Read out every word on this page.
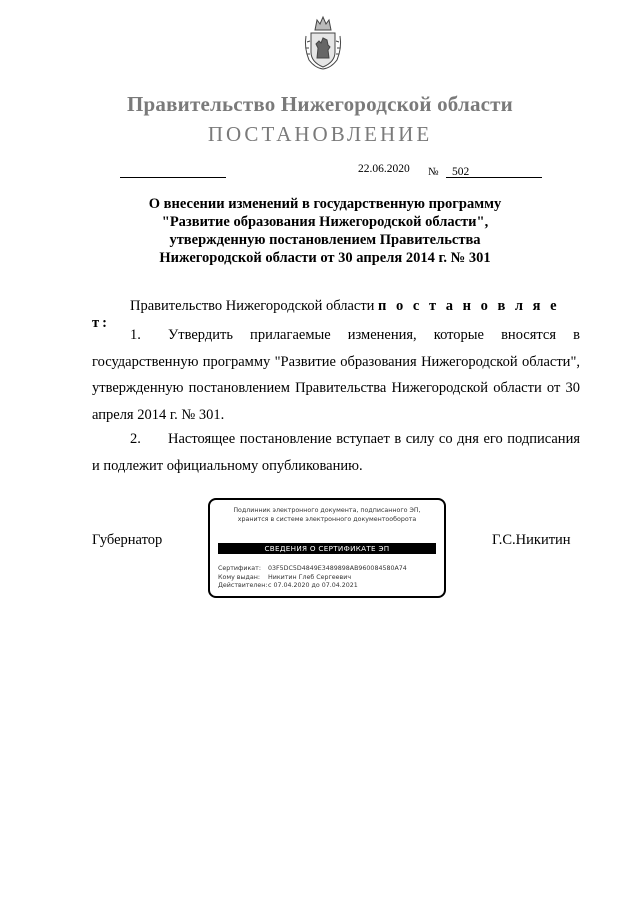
Правительство Нижегородской области
ПОСТАНОВЛЕНИЕ
22.06.2020 №	502
О внесении изменений в государственную программу
"Развитие образования Нижегородской области",
утвержденную постановлением Правительства
Нижегородской области от 30 апреля 2014 г. № 301
Правительство Нижегородской области п о с т а н о в л я е т:
1. Утвердить прилагаемые изменения, которые вносятся в государственную программу "Развитие образования Нижегородской области", утвержденную постановлением Правительства Нижегородской области от 30 апреля 2014 г. № 301.
2. Настоящее постановление вступает в силу со дня его подписания и подлежит официальному опубликованию.
Губернатор	Г.С.Никитин
Подлинник электронного документа, подписанного ЭП,
хранится в системе электронного документооборота
СВЕДЕНИЯ О СЕРТИФИКАТЕ ЭП
Сертификат: 03F5DC5D4849E3489898AB960084580A74
Кому выдан: Никитин Глеб Сергеевич
Действителен:с 07.04.2020 до 07.04.2021
